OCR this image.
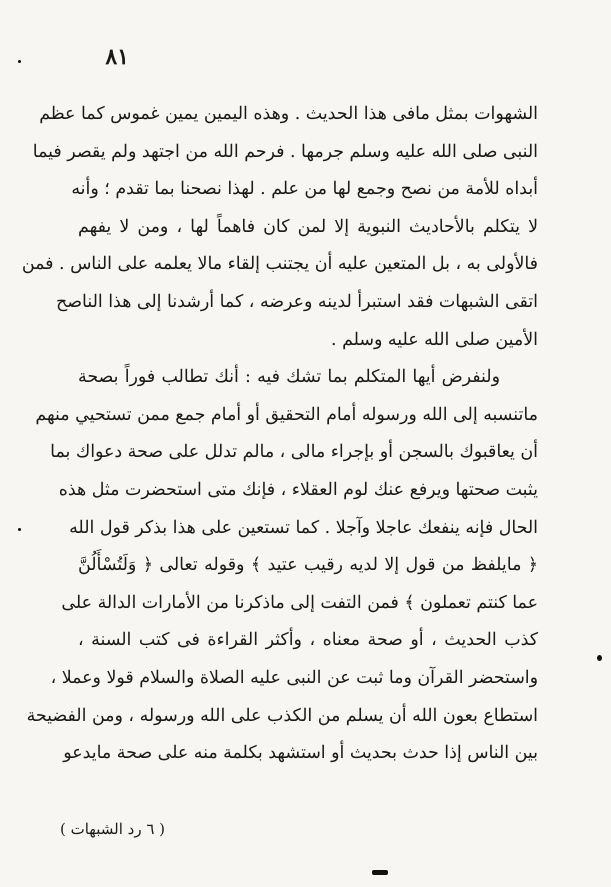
٨١
الشهوات بمثل مافى هذا الحديث . وهذه اليمين يمين غموس كما عظم
النبى صلى الله عليه وسلم جرمها . فرحم الله من اجتهد ولم يقصر فيما
أبداه للأمة من نصح وجمع لها من علم . لهذا نصحنا بما تقدم ؛ وأنه
لا يتكلم بالأحاديث النبوية إلا لمن كان فاهماً لها ، ومن لا يفهم
فالأولى به ، بل المتعين عليه أن يجتنب إلقاء مالا يعلمه على الناس . فمن
اتقى الشبهات فقد استبرأ لدينه وعرضه ، كما أرشدنا إلى هذا الناصح
الأمين صلى الله عليه وسلم .
ولنفرض أيها المتكلم بما تشك فيه : أنك تطالب فوراً بصحة
ماتنسبه إلى الله ورسوله أمام التحقيق أو أمام جمع ممن تستحيي منهم
أن يعاقبوك بالسجن أو بإجراء مالى ، مالم تدلل على صحة دعواك بما
يثبت صحتها ويرفع عنك لوم العقلاء ، فإنك متى استحضرت مثل هذه
الحال فإنه ينفعك عاجلا وآجلا . كما تستعين على هذا بذكر قول الله
﴿ مايلفظ من قول إلا لديه رقيب عتيد ﴾ وقوله تعالى ﴿ وَلَتُسْأَلُنَّ
عما كنتم تعملون ﴾ فمن التفت إلى ماذكرنا من الأمارات الدالة على
كذب الحديث ، أو صحة معناه ، وأكثر القراءة فى كتب السنة ،
واستحضر القرآن وما ثبت عن النبى عليه الصلاة والسلام قولا وعملا ،
استطاع بعون الله أن يسلم من الكذب على الله ورسوله ، ومن الفضيحة
بين الناس إذا حدث بحديث أو استشهد بكلمة منه على صحة مايدعو
( ٦ رد الشبهات )
